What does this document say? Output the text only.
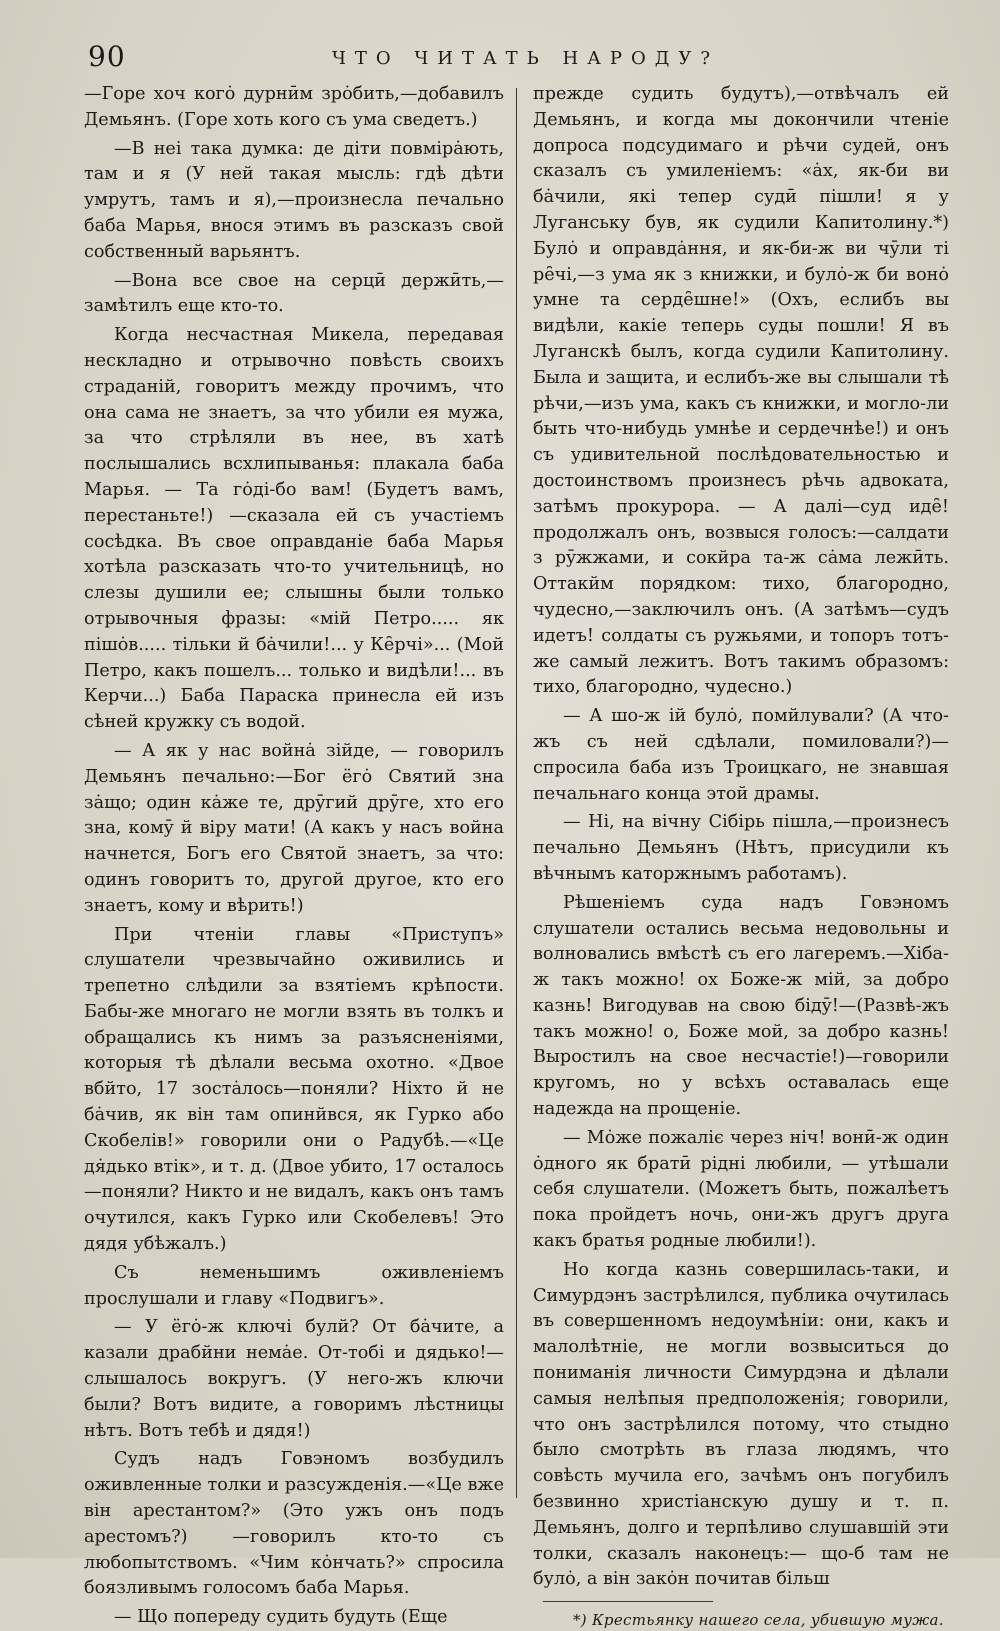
90	ЧТО ЧИТАТЬ НАРОДУ?

—Горе хоч когȯ дурнӣм зрȯбить,—добавилъ Демьянъ. (Горе хоть кого съ ума сведетъ.)

—В неі така думка: де діти повмірȧють, там и я (У ней такая мысль: гдѣ дѣти умрутъ, тамъ и я),—произнесла печально баба Марья, внося этимъ въ разсказъ свой собственный варьянтъ.

—Вона все свое на серцӣ держӣть,—замѣтилъ еще кто-то.

Когда несчастная Микела, передавая нескладно и отрывочно повѣсть своихъ страданій, говоритъ между прочимъ, что она сама не знаетъ, за что убили ея мужа, за что стрѣляли въ нее, въ хатѣ послышались всхлипыванья: плакала баба Марья. — Та гȯді-бо вам! (Будетъ вамъ, перестаньте!) —сказала ей съ участіемъ сосѣдка. Въ свое оправданіе баба Марья хотѣла разсказать что-то учительницѣ, но слезы душили ее; слышны были только отрывочныя фразы: «мій Петро..... як пішȯв..... тільки й бȧчили!... у Кȇрчі»... (Мой Петро, какъ пошелъ... только и видѣли!... въ Керчи...) Баба Параска принесла ей изъ сѣней кружку съ водой.

— А як у нас войнȧ зійде, — говорилъ Демьянъ печально:—Бог ёгȯ Святий зна зȧщо; один кȧже те, дрȳгий дрȳге, хто его зна, комȳ й віру мати! (А какъ у насъ война начнется, Богъ его Святой знаетъ, за что: одинъ говоритъ то, другой другое, кто его знаетъ, кому и вѣрить!)

При чтеніи главы «Приступъ» слушатели чрезвычайно оживились и трепетно слѣдили за взятіемъ крѣпости. Бабы-же многаго не могли взять въ толкъ и обращались къ нимъ за разъясненіями, которыя тѣ дѣлали весьма охотно. «Двое вбйто, 17 зостȧлось—поняли? Ніхто й не бȧчив, як він там опинйвся, як Гурко або Скобелів!» говорили они о Радубѣ.—«Це дя̇дько втік», и т. д. (Двое убито, 17 осталось—поняли? Никто и не видалъ, какъ онъ тамъ очутился, какъ Гурко или Скобелевъ! Это дядя убѣжалъ.)

Съ неменьшимъ оживленіемъ прослушали и главу «Подвигъ».

— У ёгȯ-ж ключі булй? От бȧчите, а казали драбйни немȧе. От-тобі и дядько!—слышалось вокругъ. (У него-жъ ключи были? Вотъ видите, а говоримъ лѣстницы нѣтъ. Вотъ тебѣ и дядя!)

Судъ надъ Говэномъ возбудилъ оживленные толки и разсужденія.—«Це вже він арестантом?» (Это ужъ онъ подъ арестомъ?) —говорилъ кто-то съ любопытствомъ. «Чим кȯнчать?» спросила боязливымъ голосомъ баба Марья.

— Що попереду судить будуть (Еще

прежде судить будутъ),—отвѣчалъ ей Демьянъ, и когда мы докончили чтеніе допроса подсудимаго и рѣчи судей, онъ сказалъ съ умиленіемъ: «ȧх, як-би ви бȧчили, які тепер судӣ пішли! я у Луганську був, як судили Капитолину.*) Булȯ и оправдȧння, и як-би-ж ви чȳли ті рȇчі,—з ума як з книжки, и булȯ-ж би вонȯ умне та сердȇшне!» (Охъ, еслибъ вы видѣли, какіе теперь суды пошли! Я въ Луганскѣ былъ, когда судили Капитолину. Была и защита, и еслибъ-же вы слышали тѣ рѣчи,—изъ ума, какъ съ книжки, и могло-ли быть что-нибудь умнѣе и сердечнѣе!) и онъ съ удивительной послѣдовательностью и достоинствомъ произнесъ рѣчь адвоката, затѣмъ прокурора. — А далі—суд идȇ! продолжалъ онъ, возвыся голосъ:—салдати з рȳжжами, и сокйра та-ж сȧма лежӣть. Оттакйм порядком: тихо, благородно, чудесно,—заключилъ онъ. (А затѣмъ—судъ идетъ! солдаты съ ружьями, и топоръ тотъ-же самый лежитъ. Вотъ такимъ образомъ: тихо, благородно, чудесно.)

— А шо-ж ій булȯ, помйлували? (А что-жъ съ ней сдѣлали, помиловали?)—спросила баба изъ Троицкаго, не знавшая печальнаго конца этой драмы.

— Ні, на вічну Сібірь пішла,—произнесъ печально Демьянъ (Нѣтъ, присудили къ вѣчнымъ каторжнымъ работамъ).

Рѣшеніемъ суда надъ Говэномъ слушатели остались весьма недовольны и волновались вмѣстѣ съ его лагеремъ.—Хіба-ж такъ можно! ох Боже-ж мій, за добро казнь! Вигодував на свою бідȳ!—(Развѣ-жъ такъ можно! о, Боже мой, за добро казнь! Выростилъ на свое несчастіе!)—говорили кругомъ, но у всѣхъ оставалась еще надежда на прощеніе.

— Мȯже пожаліє через ніч! вонӣ-ж один ȯдного як братӣ рідні любили, — утѣшали себя слушатели. (Можетъ быть, пожалѣетъ пока пройдетъ ночь, они-жъ другъ друга какъ братья родные любили!).

Но когда казнь совершилась-таки, и Симурдэнъ застрѣлился, публика очутилась въ совершенномъ недоумѣніи: они, какъ и малолѣтніе, не могли возвыситься до пониманія личности Симурдэна и дѣлали самыя нелѣпыя предположенія; говорили, что онъ застрѣлился потому, что стыдно было смотрѣть въ глаза людямъ, что совѣсть мучила его, зачѣмъ онъ погубилъ безвинно христіанскую душу и т. п. Демьянъ, долго и терпѣливо слушавшій эти толки, сказалъ наконецъ:— що-б там не булȯ, а він закȯн почитав більш

*) Крестьянку нашего села, убившую мужа.
